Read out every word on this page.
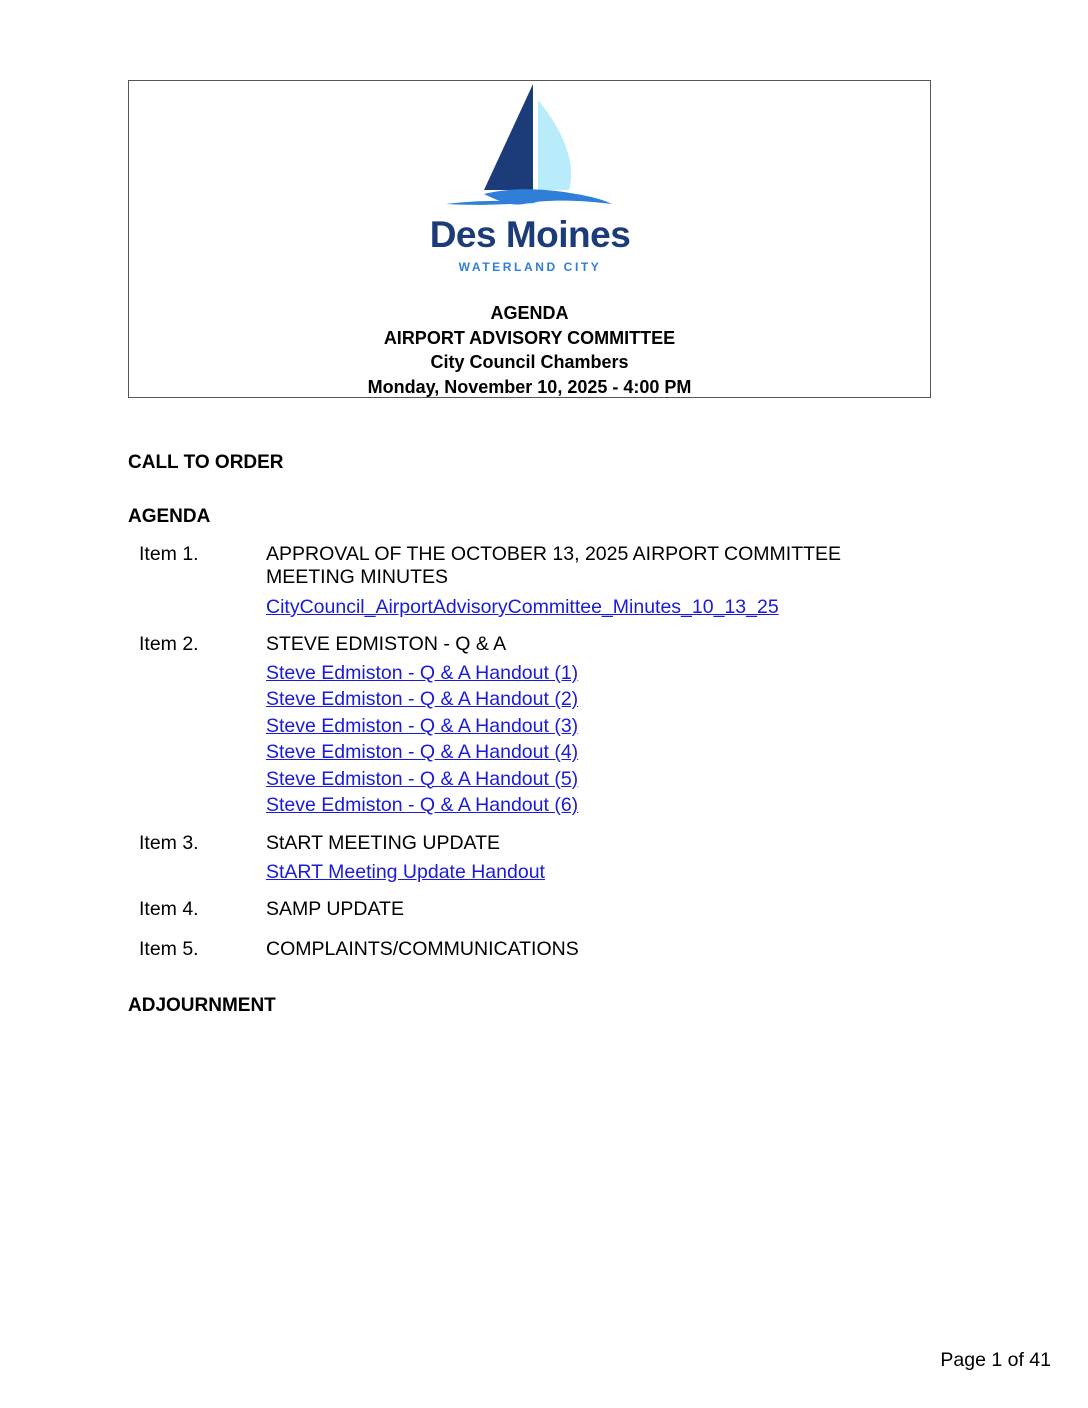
Des Moines
WATERLAND CITY
AGENDA
AIRPORT ADVISORY COMMITTEE
City Council Chambers
Monday, November 10, 2025 - 4:00 PM
CALL TO ORDER
AGENDA
Item 1.	APPROVAL OF THE OCTOBER 13, 2025 AIRPORT COMMITTEE MEETING MINUTES
CityCouncil_AirportAdvisoryCommittee_Minutes_10_13_25
Item 2.	STEVE EDMISTON - Q & A
Steve Edmiston - Q & A Handout (1)
Steve Edmiston - Q & A Handout (2)
Steve Edmiston - Q & A Handout (3)
Steve Edmiston - Q & A Handout (4)
Steve Edmiston - Q & A Handout (5)
Steve Edmiston - Q & A Handout (6)
Item 3.	StART MEETING UPDATE
StART Meeting Update Handout
Item 4.	SAMP UPDATE
Item 5.	COMPLAINTS/COMMUNICATIONS
ADJOURNMENT
Page 1 of 41
